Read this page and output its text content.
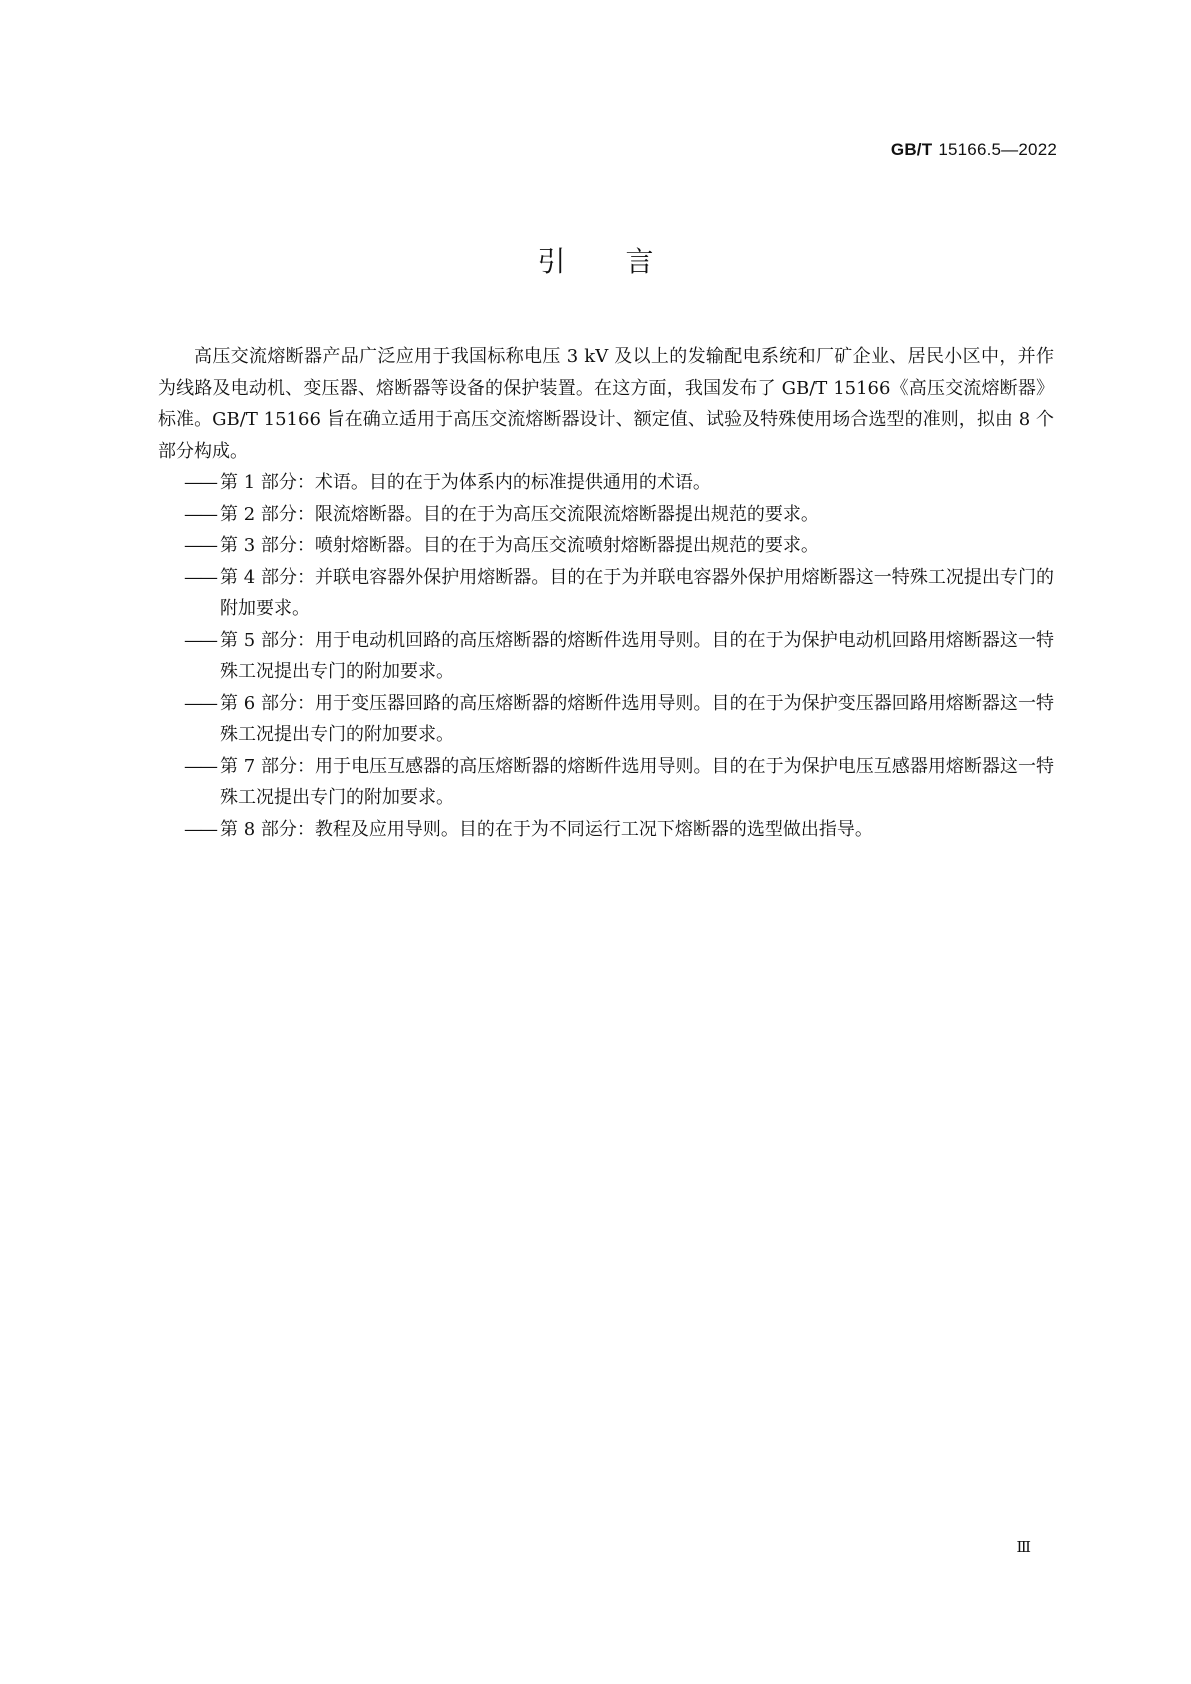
GB/T 15166.5—2022
引言

高压交流熔断器产品广泛应用于我国标称电压 3 kV 及以上的发输配电系统和厂矿企业、居民小区中，并作为线路及电动机、变压器、熔断器等设备的保护装置。在这方面，我国发布了 GB/T 15166《高压交流熔断器》标准。GB/T 15166 旨在确立适用于高压交流熔断器设计、额定值、试验及特殊使用场合选型的准则，拟由 8 个部分构成。

—— 第 1 部分：术语。目的在于为体系内的标准提供通用的术语。
—— 第 2 部分：限流熔断器。目的在于为高压交流限流熔断器提出规范的要求。
—— 第 3 部分：喷射熔断器。目的在于为高压交流喷射熔断器提出规范的要求。
—— 第 4 部分：并联电容器外保护用熔断器。目的在于为并联电容器外保护用熔断器这一特殊工况提出专门的附加要求。
—— 第 5 部分：用于电动机回路的高压熔断器的熔断件选用导则。目的在于为保护电动机回路用熔断器这一特殊工况提出专门的附加要求。
—— 第 6 部分：用于变压器回路的高压熔断器的熔断件选用导则。目的在于为保护变压器回路用熔断器这一特殊工况提出专门的附加要求。
—— 第 7 部分：用于电压互感器的高压熔断器的熔断件选用导则。目的在于为保护电压互感器用熔断器这一特殊工况提出专门的附加要求。
—— 第 8 部分：教程及应用导则。目的在于为不同运行工况下熔断器的选型做出指导。
Ⅲ
